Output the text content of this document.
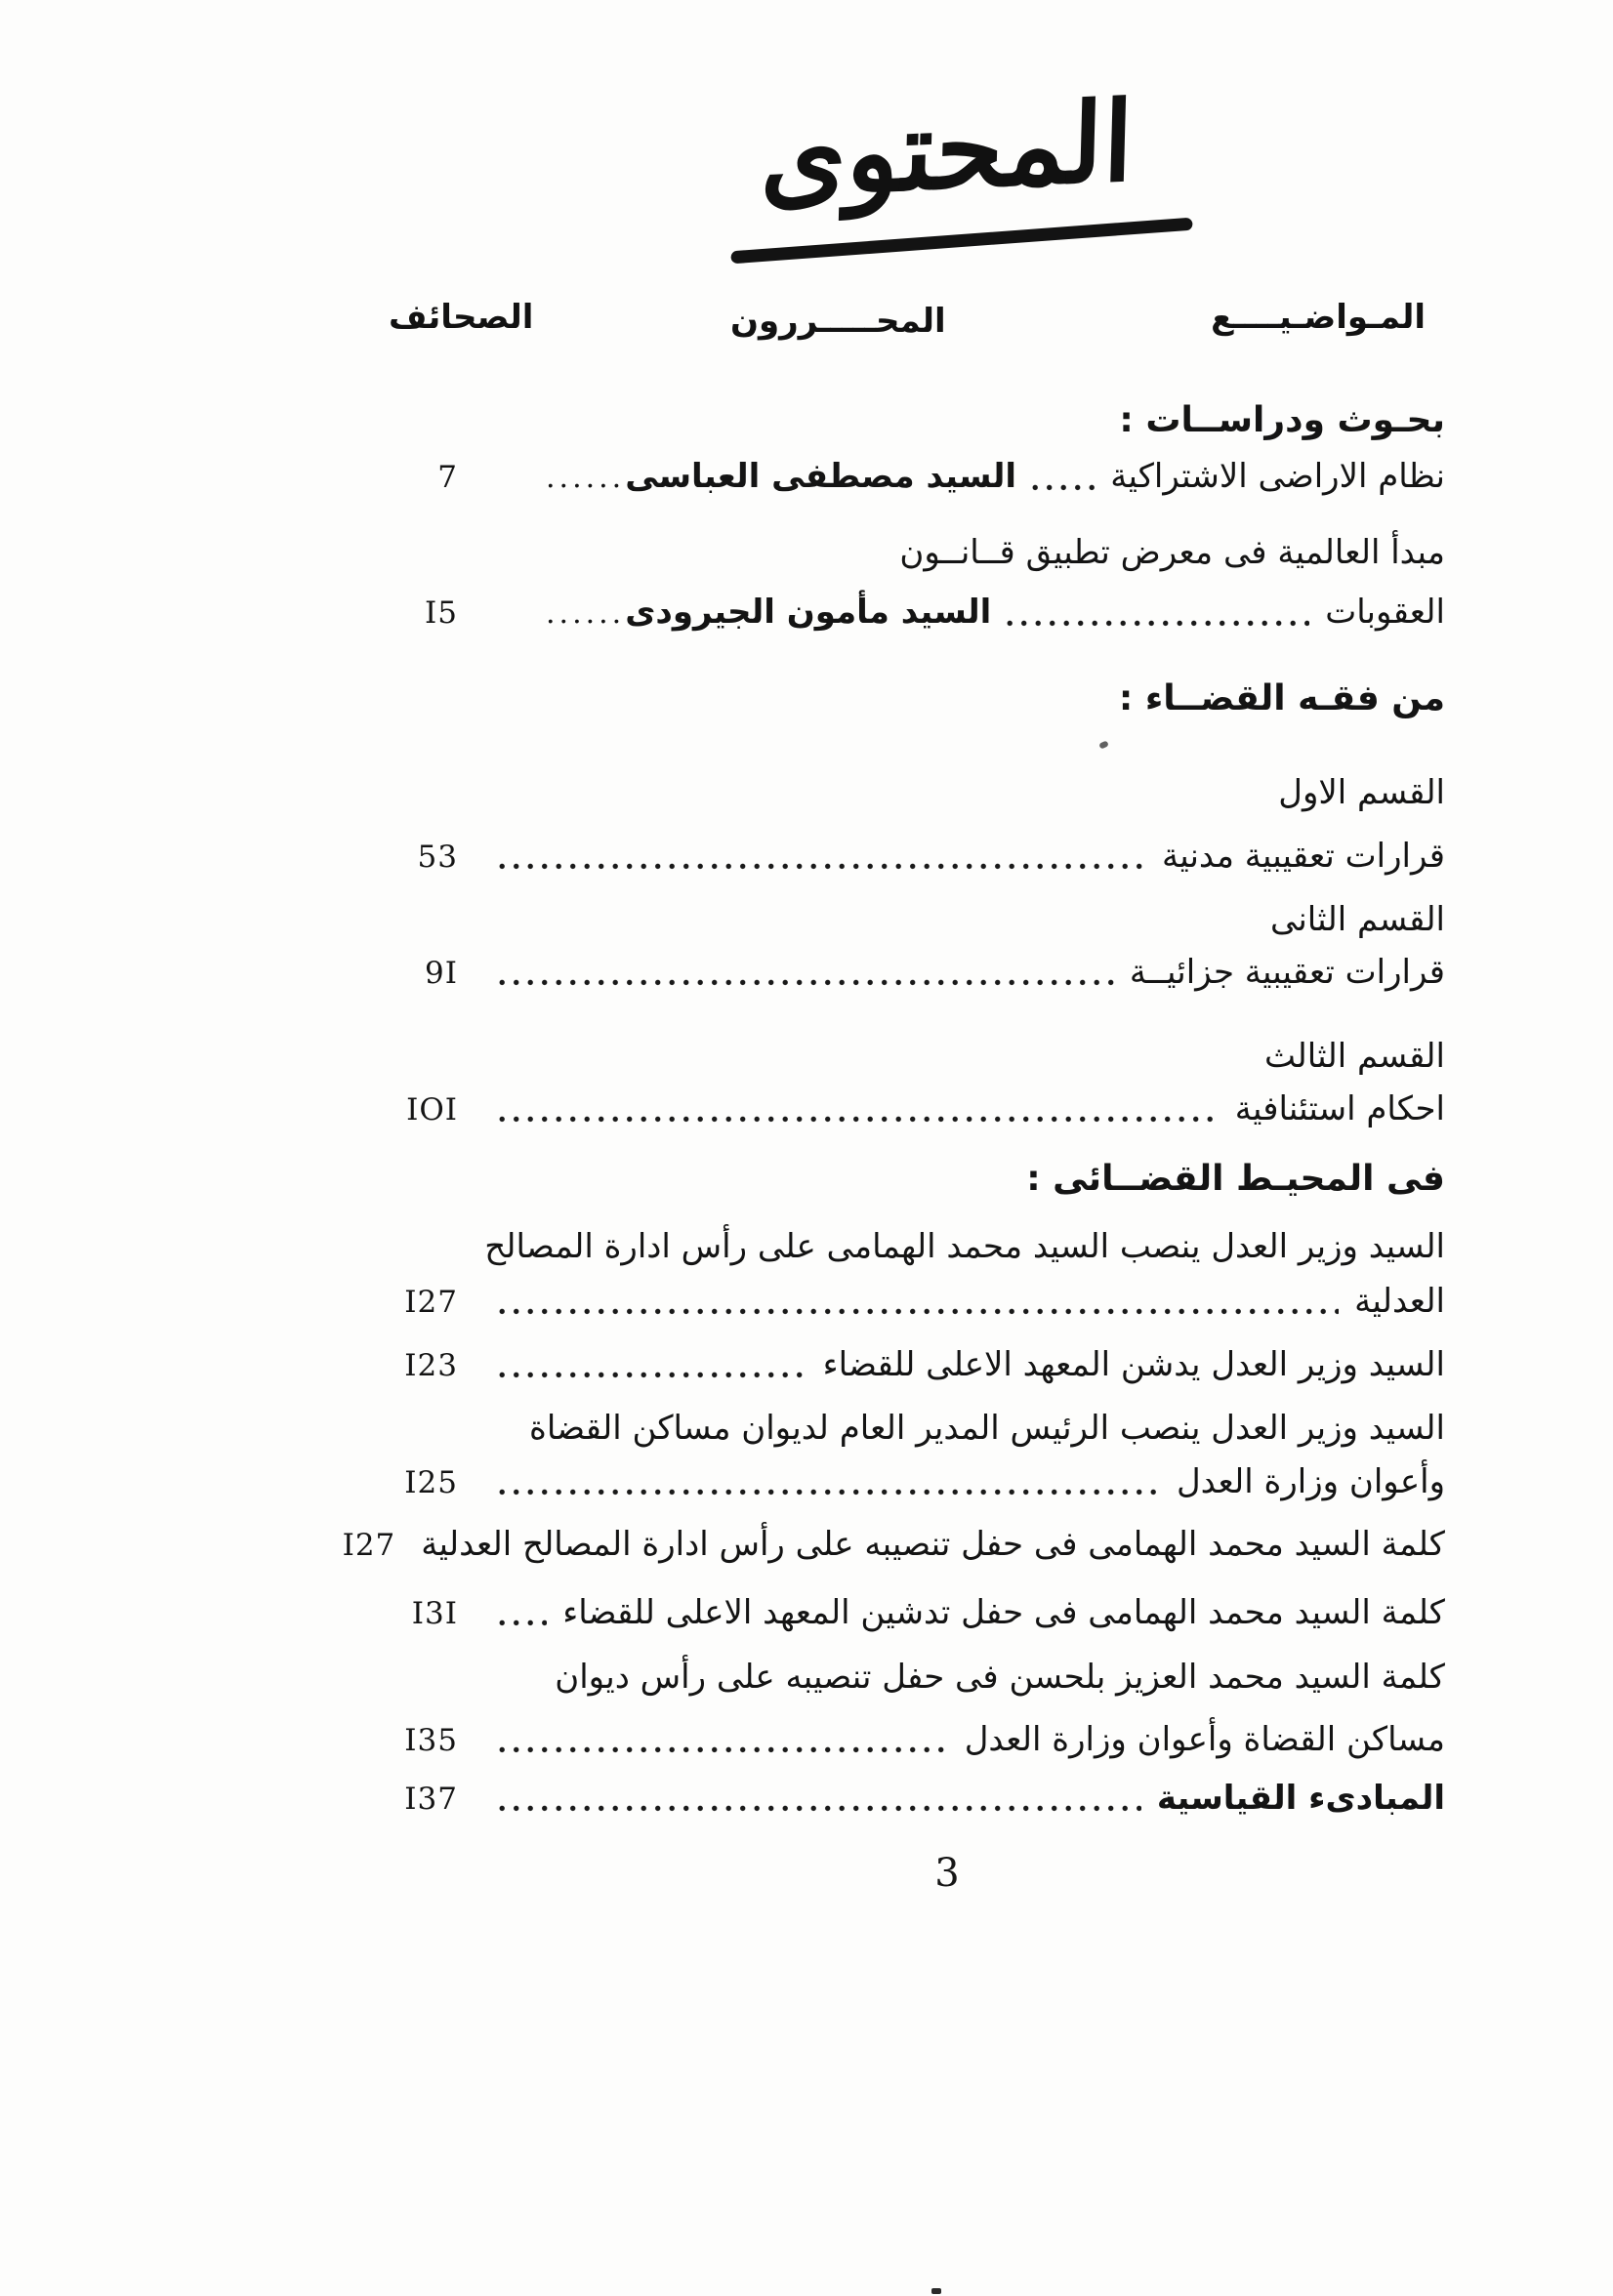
المحتوى
المـواضـيــــع
المحـــــررون
الصحائف
بحـوث ودراســات :
نظام الاراضى الاشتراكية
السيد مصطفى العباسى
......
7
مبدأ العالمية فى معرض تطبيق قــانــون
العقوبات
السيد مأمون الجيرودى
......
I5
من فقـه القضــاء :
القسم الاول
قرارات تعقيبية مدنية
53
القسم الثانى
قرارات تعقيبية جزائيــة
9I
القسم الثالث
احكام استئنافية
IOI
فى المحيـط القضــائى :
السيد وزير العدل ينصب السيد محمد الهمامى على رأس ادارة المصالح
العدلية
I27
السيد وزير العدل يدشن المعهد الاعلى للقضاء
I23
السيد وزير العدل ينصب الرئيس المدير العام لديوان مساكن القضاة
وأعوان وزارة العدل
I25
كلمة السيد محمد الهمامى فى حفل تنصيبه على رأس ادارة المصالح العدلية
I27
كلمة السيد محمد الهمامى فى حفل تدشين المعهد الاعلى للقضاء
I3I
كلمة السيد محمد العزيز بلحسن فى حفل تنصيبه على رأس ديوان
مساكن القضاة وأعوان وزارة العدل
I35
المبادىء القياسية
I37
3
